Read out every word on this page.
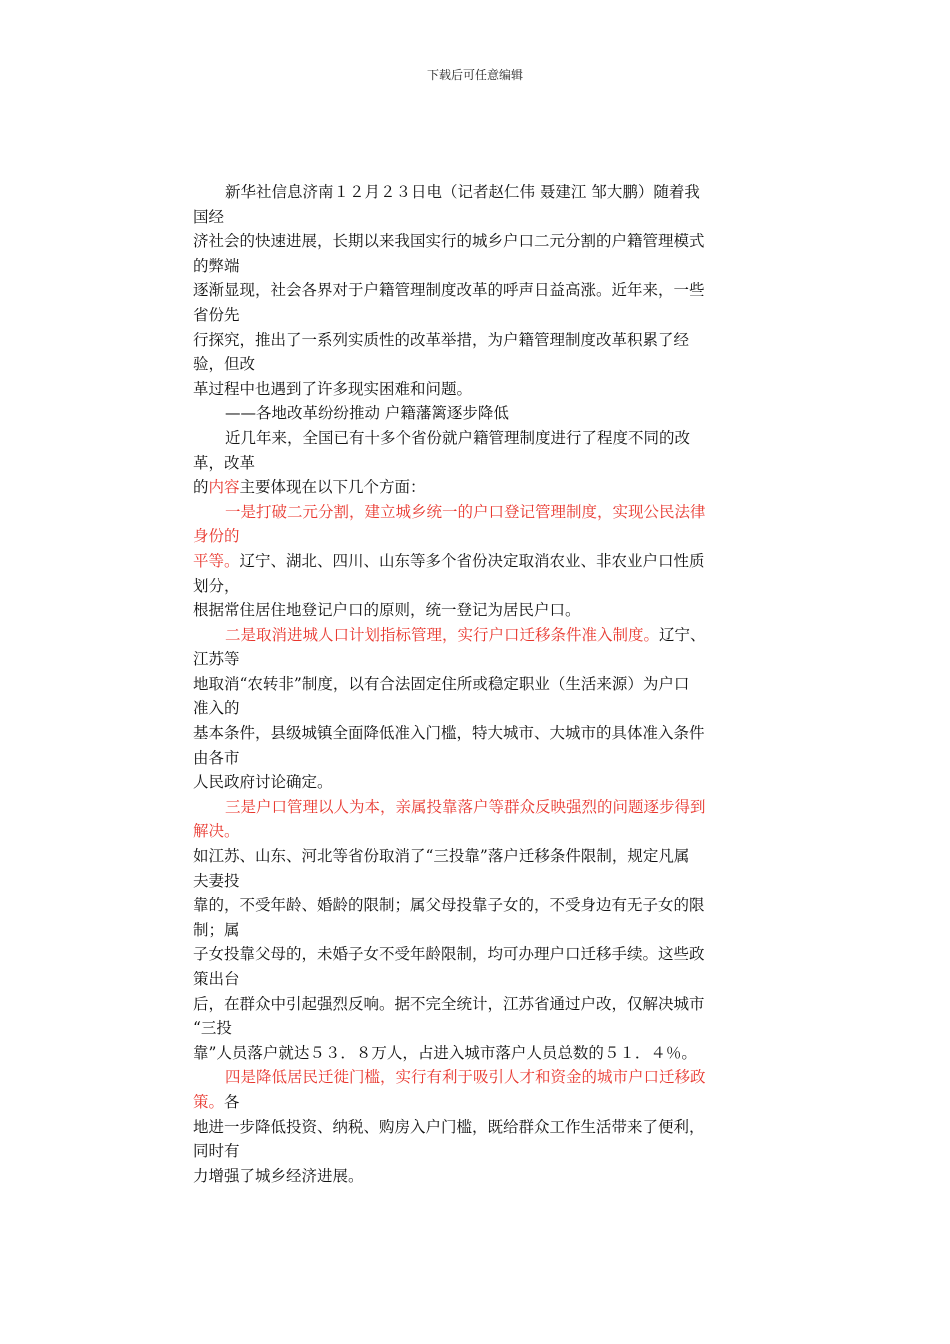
下载后可任意编辑
新华社信息济南１２月２３日电（记者赵仁伟 聂建江 邹大鹏）随着我
国经
济社会的快速进展，长期以来我国实行的城乡户口二元分割的户籍管理模式
的弊端
逐渐显现，社会各界对于户籍管理制度改革的呼声日益高涨。近年来，一些
省份先
行探究，推出了一系列实质性的改革举措，为户籍管理制度改革积累了经
验，但改
革过程中也遇到了许多现实困难和问题。
——各地改革纷纷推动 户籍藩篱逐步降低
近几年来，全国已有十多个省份就户籍管理制度进行了程度不同的改
革，改革
的内容主要体现在以下几个方面：
一是打破二元分割，建立城乡统一的户口登记管理制度，实现公民法律
身份的
平等。辽宁、湖北、四川、山东等多个省份决定取消农业、非农业户口性质
划分，
根据常住居住地登记户口的原则，统一登记为居民户口。
二是取消进城人口计划指标管理，实行户口迁移条件准入制度。辽宁、
江苏等
地取消“农转非”制度，以有合法固定住所或稳定职业（生活来源）为户口
准入的
基本条件，县级城镇全面降低准入门槛，特大城市、大城市的具体准入条件
由各市
人民政府讨论确定。
三是户口管理以人为本，亲属投靠落户等群众反映强烈的问题逐步得到
解决。
如江苏、山东、河北等省份取消了“三投靠”落户迁移条件限制，规定凡属
夫妻投
靠的，不受年龄、婚龄的限制；属父母投靠子女的，不受身边有无子女的限
制；属
子女投靠父母的，未婚子女不受年龄限制，均可办理户口迁移手续。这些政
策出台
后，在群众中引起强烈反响。据不完全统计，江苏省通过户改，仅解决城市
“三投
靠”人员落户就达５３．８万人，占进入城市落户人员总数的５１．４％。
四是降低居民迁徙门槛，实行有利于吸引人才和资金的城市户口迁移政
策。各
地进一步降低投资、纳税、购房入户门槛，既给群众工作生活带来了便利，
同时有
力增强了城乡经济进展。
